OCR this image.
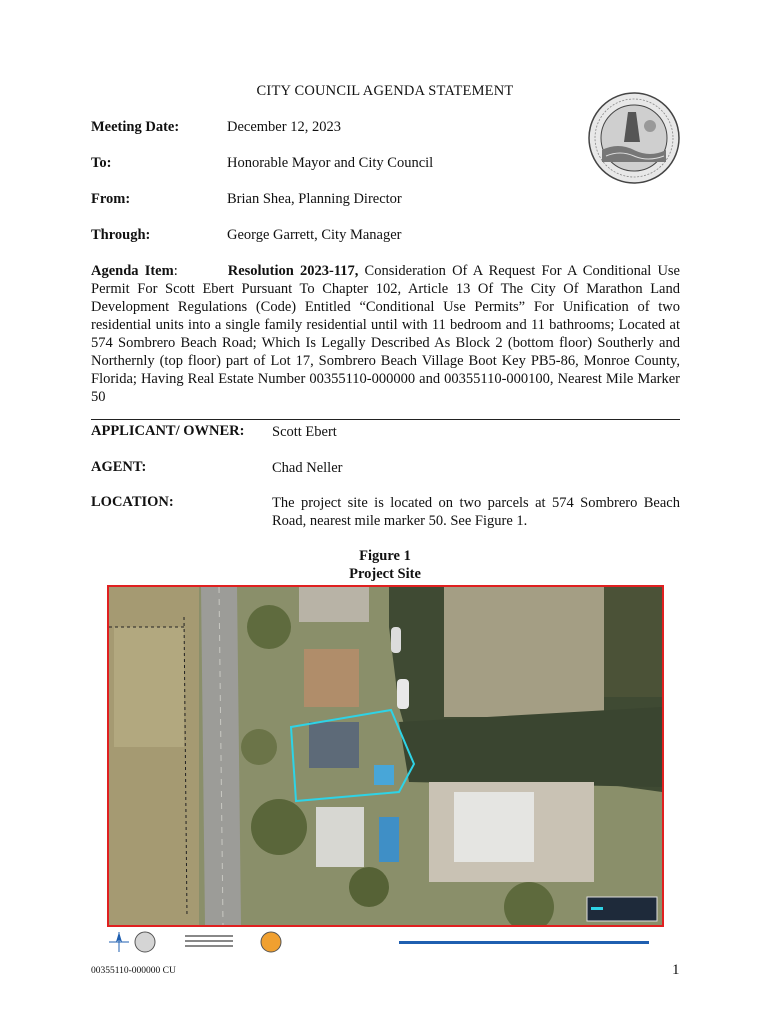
CITY COUNCIL AGENDA STATEMENT
Meeting Date:	December 12, 2023
To:	Honorable Mayor and City Council
From:	Brian Shea, Planning Director
Through:	George Garrett, City Manager
Agenda Item:	Resolution 2023-117, Consideration Of A Request For A Conditional Use Permit For Scott Ebert Pursuant To Chapter 102, Article 13 Of The City Of Marathon Land Development Regulations (Code) Entitled “Conditional Use Permits” For Unification of two residential units into a single family residential until with 11 bedroom and 11 bathrooms; Located at 574 Sombrero Beach Road; Which Is Legally Described As Block 2 (bottom floor) Southerly and Northernly (top floor) part of Lot 17, Sombrero Beach Village Boot Key PB5-86, Monroe County, Florida; Having Real Estate Number 00355110-000000 and 00355110-000100, Nearest Mile Marker 50
APPLICANT/ OWNER: Scott Ebert
AGENT:	Chad Neller
LOCATION:	The project site is located on two parcels at 574 Sombrero Beach Road, nearest mile marker 50. See Figure 1.
Figure 1
Project Site
00355110-000000 CU	1
